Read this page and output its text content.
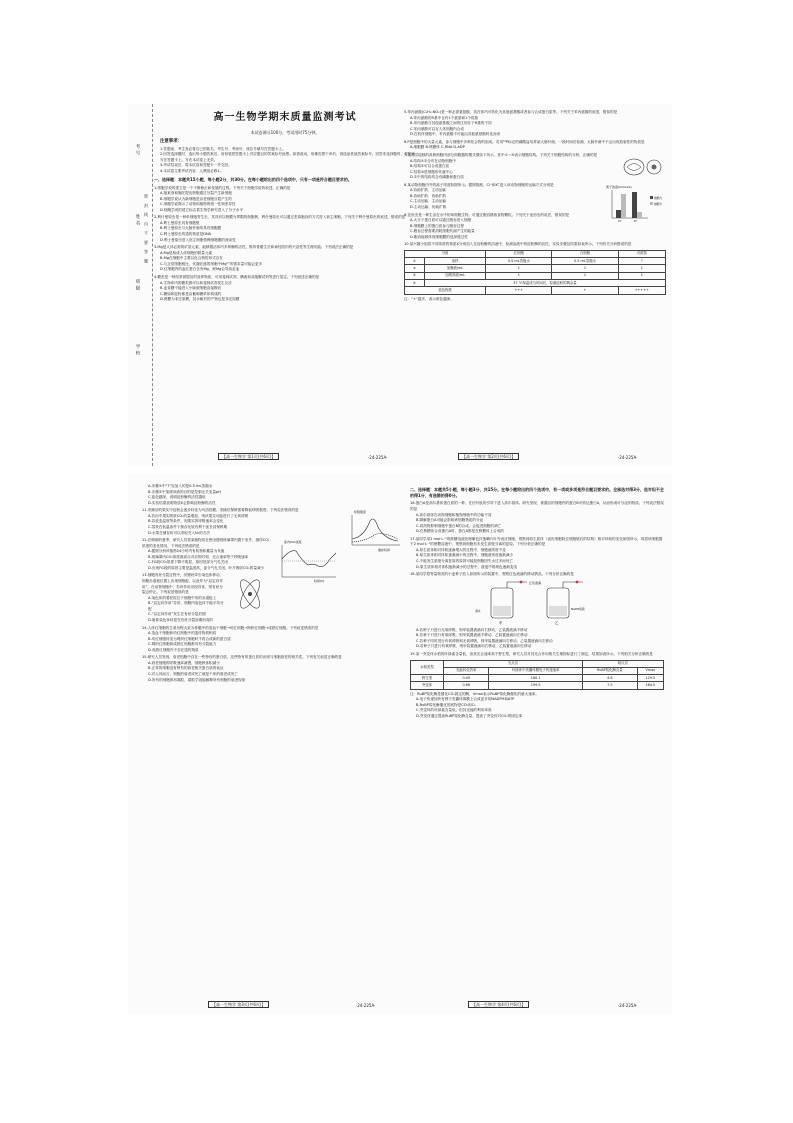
考号
姓名
班级
学校
密 封 线 内 不 要 答 题
高一生物学期末质量监测考试
本试卷满分100分，考试用时75分钟。
注意事项：
1.答题前，考生务必将自己的姓名、考生号、考场号、座位号填写在答题卡上。
2.回答选择题时，选出每小题答案后，用铅笔把答题卡上对应题目的答案标号涂黑。如需改动，用橡皮擦干净后，再选涂其他答案标号。回答非选择题时，将答案写在答题卡上。写在本试卷上无效。
3.考试结束后，将本试卷和答题卡一并交回。
4.本试卷主要考试内容：人教版必修1。
一、选择题：本题共15小题，每小题2分，共30分。在每小题给出的四个选项中，只有一项是符合题目要求的。
1.细胞学说的建立是一个不断修正和发展的过程。下列关于细胞学说的叙述，正确的是
A.施莱登和施旺提出细胞通过分裂产生新细胞
B.细胞学说认为新细胞是由老细胞分裂产生的
C.细胞学说揭示了动物和植物的统一性和差异性
D.细胞学说的建立标志着生物学研究进入了分子水平
2.利什曼原虫是一种单细胞寄生虫，其具有以核膜为界限的细胞核，利什曼原虫可以通过类似胞吞的方式进入宿主细胞。下列关于利什曼原虫的叙述，错误的是
A.利士曼原虫具有细胞壁
B.利士曼原虫与大肠杆菌均具有细胞膜
C.利士曼原虫的遗传物质是DNA
D.利士曼原虫进入宿主细胞依赖细胞膜的流动性
3.Mg是人体必需的矿质元素，能够激活体内多种酶的活性，维持骨骼生长和神经肌肉的兴奋性等生理功能。下列说法正确的是
A.Mg是构成人体细胞的微量元素
B.Mg在细胞中主要以化合物的形式存在
C.与正常细胞相比，代谢旺盛的细胞中Mg²⁺的需求量可能会更多
D.红细胞内的血红蛋白含有Mg，缺Mg会导致贫血
4.糖类是一种经常被提及的营养物质，可用斐林试剂、碘液和双缩脲试剂等进行鉴定。下列叙述正确的是
A.生物体内的糖类都可以和斐林试剂发生反应
B.麦芽糖不能进入小肠被细胞直接吸收
C.糖原和淀粉都是由葡萄糖单体构成的
D.蔗糖为非还原糖，其水解后的产物也是非还原糖
【高一生物学 第1页(共6页)】	·24-225A·
5.苯丙氨酸(C₉H₁₁NO₂)是一种必需氨基酸，其在体内可转化为其他氨基酸或者参与合成蛋白质等。下列关于苯丙氨酸的叙述，错误的是
A.苯丙氨酸的R基中含有1个氨基和1个羧基
B.苯丙氨酸与其他氨基酸之间的区别在于R基的不同
C.苯丙氨酸可以在人体细胞内合成
D.在机体细胞中，苯丙氨酸不可能由其他氨基酸转化而来
6.P是细胞中的大量元素，参与细胞中多种化合物的组成。若用³²P标记的磷酸盐培养某大肠杆菌，一段时间后检测，大肠杆菌中不会出现放射性的物质是
A.细胞膜 B.核糖体 C.RNA D.ADP
7.某同学绘制的真核细胞内部分细胞器的模式图如下所示，其中①～⑤表示细胞结构。下列关于细胞结构的分析，正确的是
A.结构①②分布在动物细胞中
B.结构②可以合成蛋白质
C.结构③是细胞的代谢中心
D.②中的结构均含有磷脂和蛋白质
离子浓度(mmol/L)
Cl⁻	K⁺
细胞内
细胞外
8.某动物细胞内外的离子浓度如图所示。据图推测，Cl⁻和K⁺进入该动物细胞的运输方式分别是
A.协助扩散、主动运输
B.协助扩散、协助扩散
C.主动运输、主动运输
D.主动运输、协助扩散
9.变形虫是一种生活在水中的单细胞生物，可通过胞吞摄取食物颗粒。下列关于变形虫的说法，错误的是
A.大分子蛋白质可以通过胞吞进入细胞
B.细胞膜上的蛋白质参与胞吞过程
C.胞吞过程需要消耗细胞代谢产生的能量
D.胞吞能够体现细胞膜的选择透过性
10.某兴趣小组将不同浓度的物质X分别加入含淀粉酶的溶液中，检测溶液中的淀粉酶的活性，实验步骤及结果如表所示。下列有关分析错误的是
分组		红细胞	白细胞	对照管
①	加样	0.5 mL蒸馏水	0.5 mL蒸馏水	?
②	加酶液/mL	1	1	1
③	加缓冲液/mL	1	1	1
④	37 ℃保温适当时间后，检测淀粉的剩余量			
蓝色程度		+++	+	+++++
注：“+”越多，表示颜色越深。
【高一生物学 第2页(共6页)】	·24-225A·
A.步骤①中“?”处加入的是0.5 mL蒸馏水
B.步骤②中加缓冲液的目的是控制无关变量pH
C.蓝色越深，说明淀粉酶的活性越低
D.实验结果表明物质X会影响淀粉酶的活性
呼吸强度
储存时间
11.采摘后的果实中淀粉会逐步转化为可溶性糖，采摘后保鲜需要降低呼吸强度。下列说法错误的是
A.若用中果实吸收CO₂的量增加，则该果实可能进行了无氧呼吸
B.若改变温度等条件，则果实的呼吸速率会变化
C.荔枝在低温条件下保存比较有利于延长其保鲜期
D.水果在储存时可以采取充入N₂的方法
室内CO₂浓度
时间(h)
12.在晴朗的夏季，研究人员将某植物放在密闭透明玻璃罩内置于室外，测得CO₂浓度的变化情况。下列说法错误的是
A.据图分析该植物24小时内有机物积累量为负值
B.玻璃罩内CO₂浓度最高点对应的时刻，光合速率等于呼吸速率
C.FG段CO₂浓度下降不明显，原因是部分气孔关闭
D.出现FG段的原因主要是温度高，部分气孔关闭，叶片吸收CO₂的量减少
13.细胞有丝分裂过程中，纺锤丝牵引染色体移动，细胞赤道板位置上出现细胞板，以此作为“双定向作用”。在动物细胞中，若该作用出现异常，则有丝分裂会停止。下列叙述错误的是
A.染色体的着丝粒位于细胞中央的赤道板上
B.“双定向作用”异常，细胞内染色体不能平均分配
C.“双定向作用”发生在有丝分裂后期
D.姐妹染色单体是在有丝分裂前期形成的
14.人体红细胞的生命历程大致为骨髓中的造血干细胞→幼红细胞→网织红细胞→成熟红细胞。下列叙述错误的是
A.造血干细胞和幼红细胞中的遗传物质相同
B.幼红细胞转变为网织红细胞时不再合成新的蛋白质
C.网织红细胞和成熟红细胞都具有分裂能力
D.成熟红细胞内不存在遗传物质
15.研究人员发现，衰老细胞中存在一些特有的蛋白质，这些特有的蛋白质的出现与细胞衰老的相关性。下列有关叙述正确的是
A.衰老细胞的呼吸速率减慢，细胞核体积减小
B.正常的细胞没有特有的衰老相关蛋白质的表达
C.对人体而言，细胞的衰老或死亡就是个体的衰老或死亡
D.所有的细胞都有端粒，端粒学说能解释所有细胞的衰老现象
【高一生物学 第3页(共6页)】	·24-225A·
二、选择题：本题共5小题，每小题3分，共15分。在每小题给出的四个选项中，有一项或多项是符合题目要求的。全部选对得3分，选对但不全的得1分，有选错的得0分。
16.蛋白A是高尔基体蛋白质的一种，在信号肽的引导下进入高尔基体。研究发现，被激活的细胞内的蛋白B可转运蛋白A，从而形成可分泌的物质。下列说法错误的是
A.高尔基体在动物细胞和植物细胞中的功能不同
B.降解蛋白A可能会影响该细胞物质的分泌
C.同药物抑制细胞中蛋白B的合成，会促进细胞的凋亡
D.在核糖体合成蛋白A时，蛋白A都是在核糖体上合成的
17.某同学用2 mol·L⁻¹的蔗糖溶液处理紫色洋葱鳞片叶外表皮细胞，观察到原生质体（表皮细胞除去细胞壁后的结构）相对体积的变化如图所示，再将该细胞置于2 mol·L⁻¹的蔗糖溶液中，观察到细胞有未发生质壁分离的复原。下列分析正确的是
A.原生质体相对体积逐渐增大的过程中，细胞液浓度不变
B.原生质体相对体积逐渐减小的过程中，细胞液浓度逐渐减小
C.不能发生质壁分离复原的原因可能是细胞因失水过多而死亡
D.原生质体相对体积逐渐减小的过程中，液泡中的颜色逐渐变浅
18.某同学将等量萌发的小麦种子放入如图所示的装置中，观察红色液滴的移动情况。下列分析正确的是
红色液滴
甲
清水	NaOH溶液
乙
A.若种子只进行无氧呼吸，则甲装置液滴向右移动，乙装置液滴不移动
B.若种子只进行有氧呼吸，则甲装置液滴不移动，乙装置液滴向左移动
C.若种子同时进行有氧呼吸和无氧呼吸，则甲装置液滴向右移动，乙装置液滴向左移动
D.若种子只进行有氧呼吸，则甲装置液滴向右移动，乙装置液滴向左移动
19.某一突变体水稻的叶绿素含量低，但其光合速率高于野生型，研究人员对其光合作用相关生理指标进行了测定，结果如表所示。下列相关分析正确的是
水稻类型	光反应		暗反应	
	光能转化效率	叶绿体中类囊体膜电子传递速率	RuBP羧化酶含量	Vmax
野生型	0.49	180.1	4.6	129.5
突变体	0.66	199.5	7.5	164.5
注：RuBP羧化酶是催化CO₂固定的酶，Vmax表示RuBP羧化酶催化的最大速率。
A.电子传递加快有利于类囊体薄膜上合成更多的NADPH和ATP
B.RuBP羧化酶催化的底物是CO₂和C₅
C.突变体的叶绿素含量低，但其光能的利用率高
D.突变体通过提高RuBP羧化酶含量，提高了突变体对CO₂的固定率
【高一生物学 第4页(共6页)】	·24-225A·
